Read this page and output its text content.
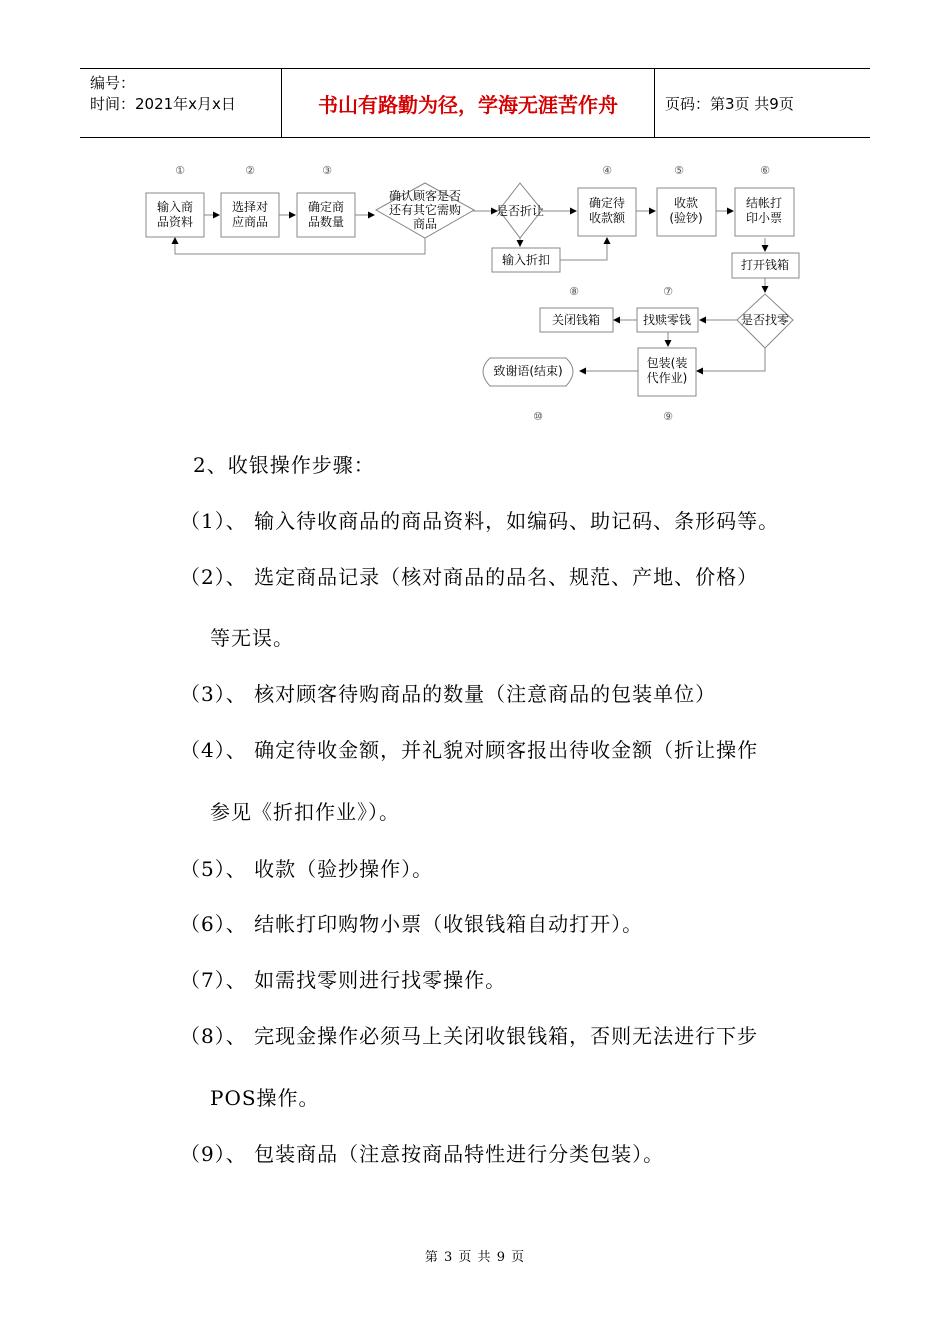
编号：
时间：2021年x月x日	书山有路勤为径，学海无涯苦作舟	页码：第3页 共9页
①	②	③	④	⑤	⑥
⑦
⑧
⑨
⑩
输入商
品资料
选择对
应商品
确定商
品数量
确认顾客是否
还有其它需购
商品
是否折让
输入折扣
确定待
收款额
收款
(验钞)
结帐打
印小票
打开钱箱
是否找零
找赎零钱
关闭钱箱
包装(装
代作业)
致谢语(结束)
2、收银操作步骤：
（1）、 输入待收商品的商品资料，如编码、助记码、条形码等。
（2）、 选定商品记录（核对商品的品名、规范、产地、价格）
等无误。
（3）、 核对顾客待购商品的数量（注意商品的包装单位）
（4）、 确定待收金额，并礼貌对顾客报出待收金额（折让操作
参见《折扣作业》）。
（5）、 收款（验抄操作）。
（6）、 结帐打印购物小票（收银钱箱自动打开）。
（7）、 如需找零则进行找零操作。
（8）、 完现金操作必须马上关闭收银钱箱，否则无法进行下步
POS操作。
（9）、 包装商品（注意按商品特性进行分类包装）。
第 3 页 共 9 页
